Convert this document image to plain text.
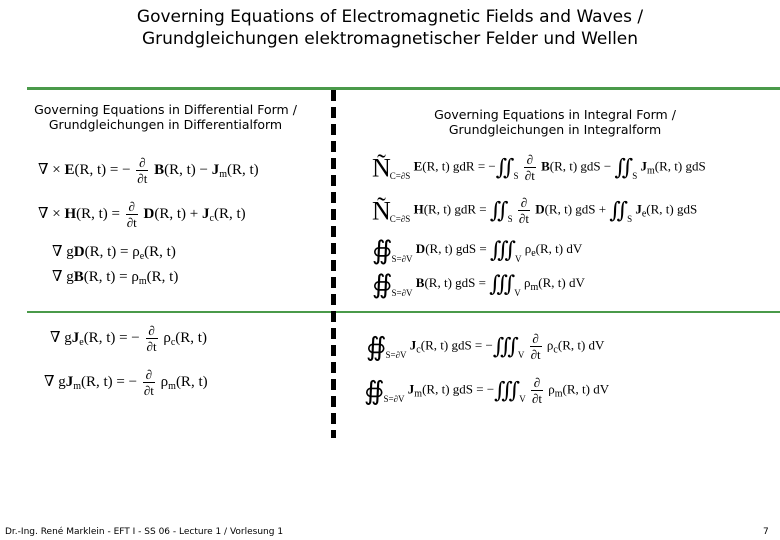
Governing Equations of Electromagnetic Fields and Waves /
Grundgleichungen elektromagnetischer Felder und Wellen
Governing Equations in Differential Form /
Grundgleichungen in Differentialform
Governing Equations in Integral Form /
Grundgleichungen in Integralform
∇ × E(R, t) = − $\frac{\partial}{\partial t} B(R$, $t) - J_m(R$, t)
∇ × H(R, $t) = \frac{\partial}{\partial t} D(R$, $t) + J_c(R$, t)
∇ gD(R, $t) = \rho_e(R$, t)
∇ gB(R, $t) = \rho_m(R$, t)
∇ $gJ_e(R$, t) = − $\frac{\partial}{\partial t} \rho_c(R$, t)
∇ $gJ_m(R$, t) = − $\frac{\partial}{\partial t} \rho_m(R$, t)
$Ñ_{C=\partial S}$ E(R, t) gdR = $-∬_S \frac{\partial}{\partial t} B(R$, t) gdS − $∬_S$ $J_m(R$, t) gdS
$Ñ_{C=\partial S}$ H(R, t) gdR = $∬_S \frac{\partial}{\partial t} D(R$, t) gdS + $∬_S$ $J_e(R$, t) gdS
$∯_{S=\partial V}$ D(R, t) gdS = $∭_V$ $\rho_e(R$, t) dV
$∯_{S=\partial V}$ B(R, t) gdS = $∭_V$ $\rho_m(R$, t) dV
$∯_{S=\partial V}$ $J_c(R$, t) gdS = $-∭_V \frac{\partial}{\partial t} \rho_c(R$, t) dV
$∯_{S=\partial V}$ $J_m(R$, t) gdS = $-∭_V \frac{\partial}{\partial t} \rho_m(R$, t) dV
Dr.-Ing. René Marklein - EFT I - SS 06 - Lecture 1 / Vorlesung 1	7
